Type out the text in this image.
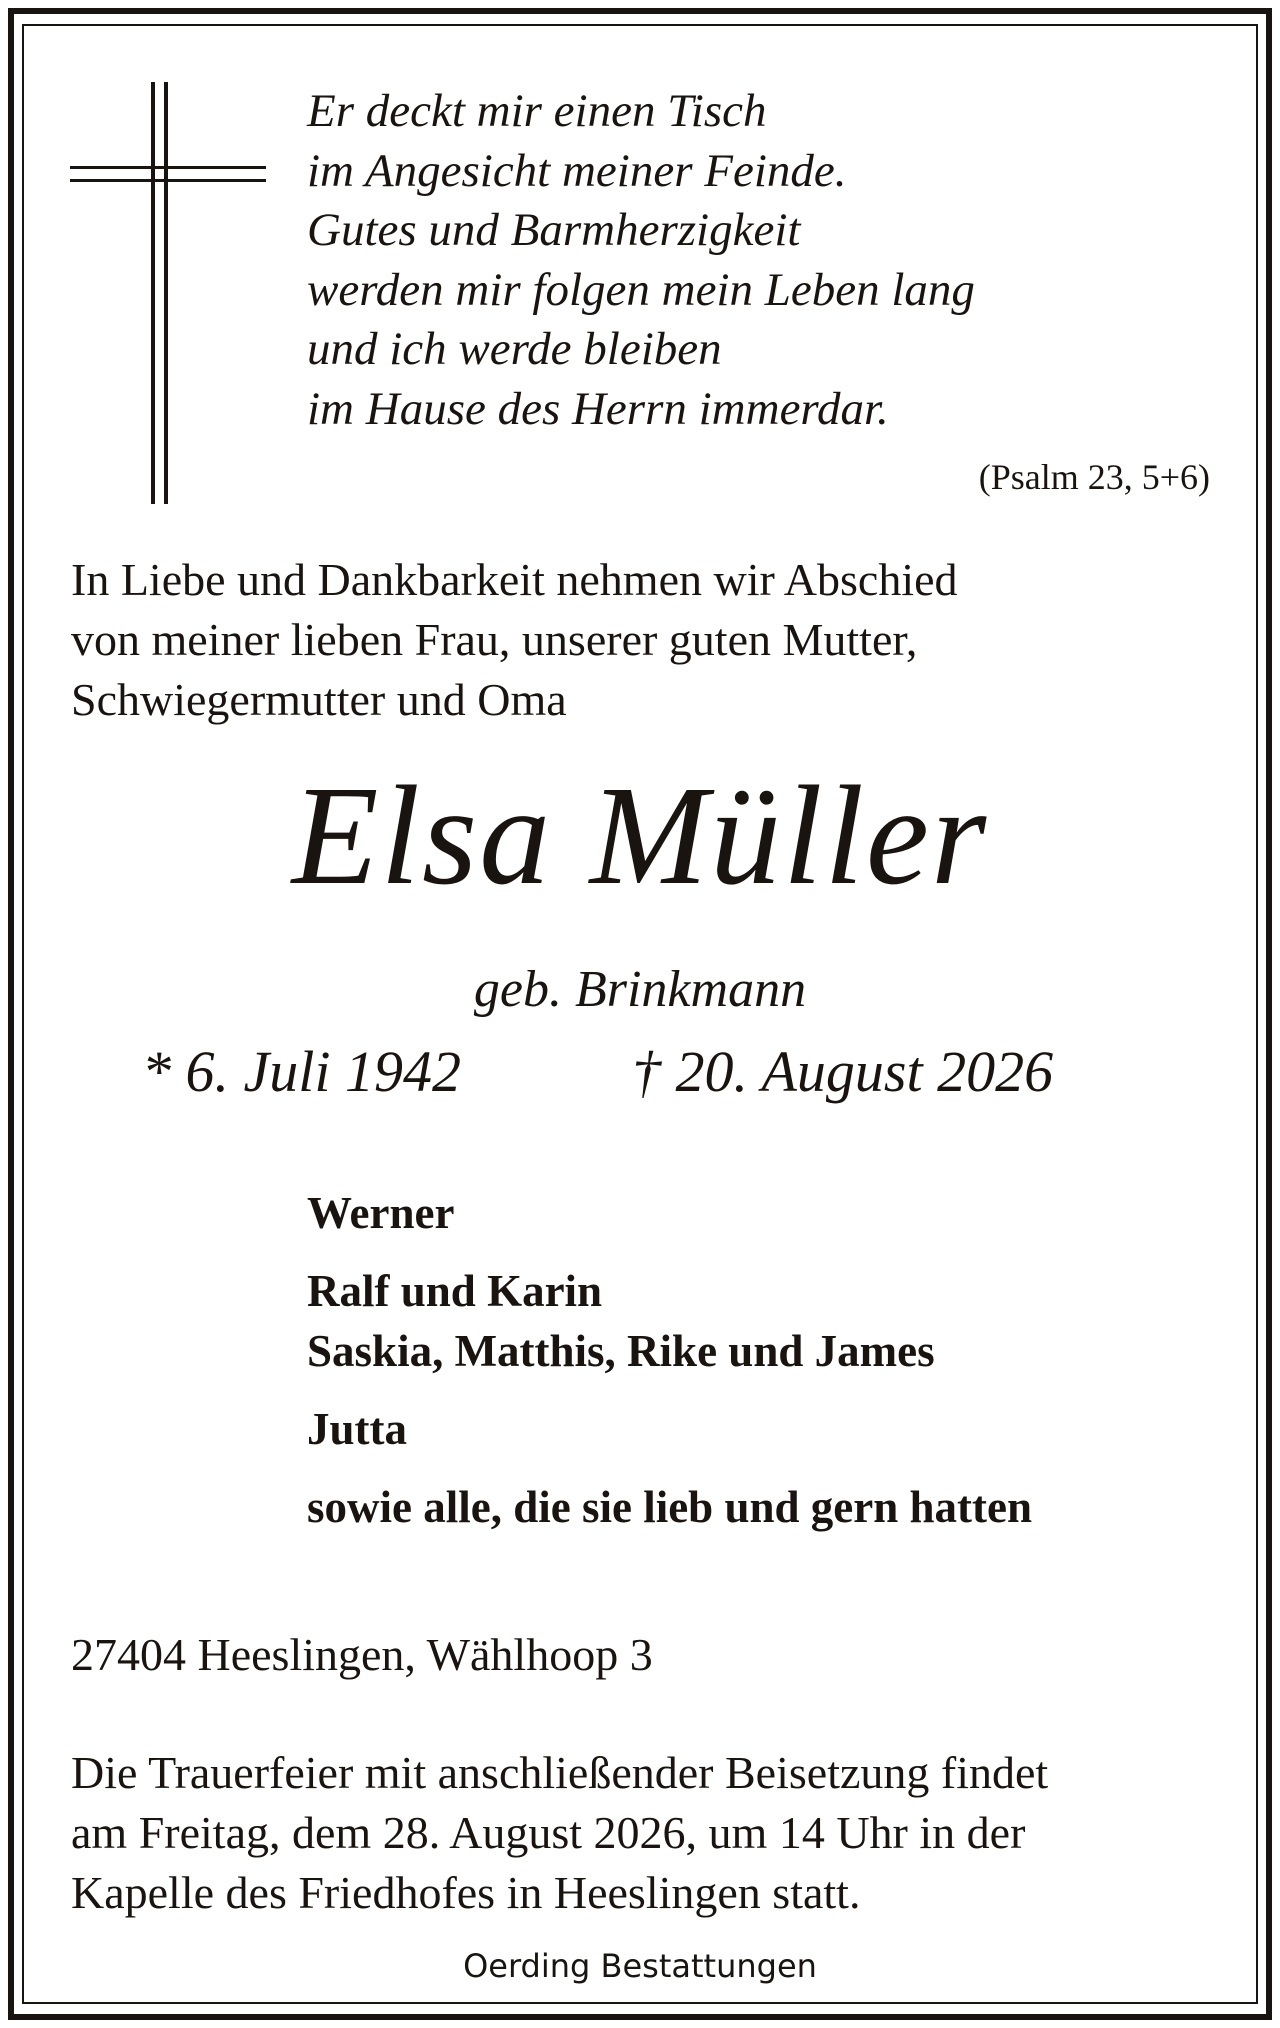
Er deckt mir einen Tisch
im Angesicht meiner Feinde.
Gutes und Barmherzigkeit
werden mir folgen mein Leben lang
und ich werde bleiben
im Hause des Herrn immerdar.
(Psalm 23, 5+6)
In Liebe und Dankbarkeit nehmen wir Abschied
von meiner lieben Frau, unserer guten Mutter,
Schwiegermutter und Oma
Elsa Müller
geb. Brinkmann
* 6. Juli 1942	† 20. August 2026
Werner
Ralf und Karin
Saskia, Matthis, Rike und James
Jutta
sowie alle, die sie lieb und gern hatten
27404 Heeslingen, Wählhoop 3
Die Trauerfeier mit anschließender Beisetzung findet
am Freitag, dem 28. August 2026, um 14 Uhr in der
Kapelle des Friedhofes in Heeslingen statt.
Oerding Bestattungen
